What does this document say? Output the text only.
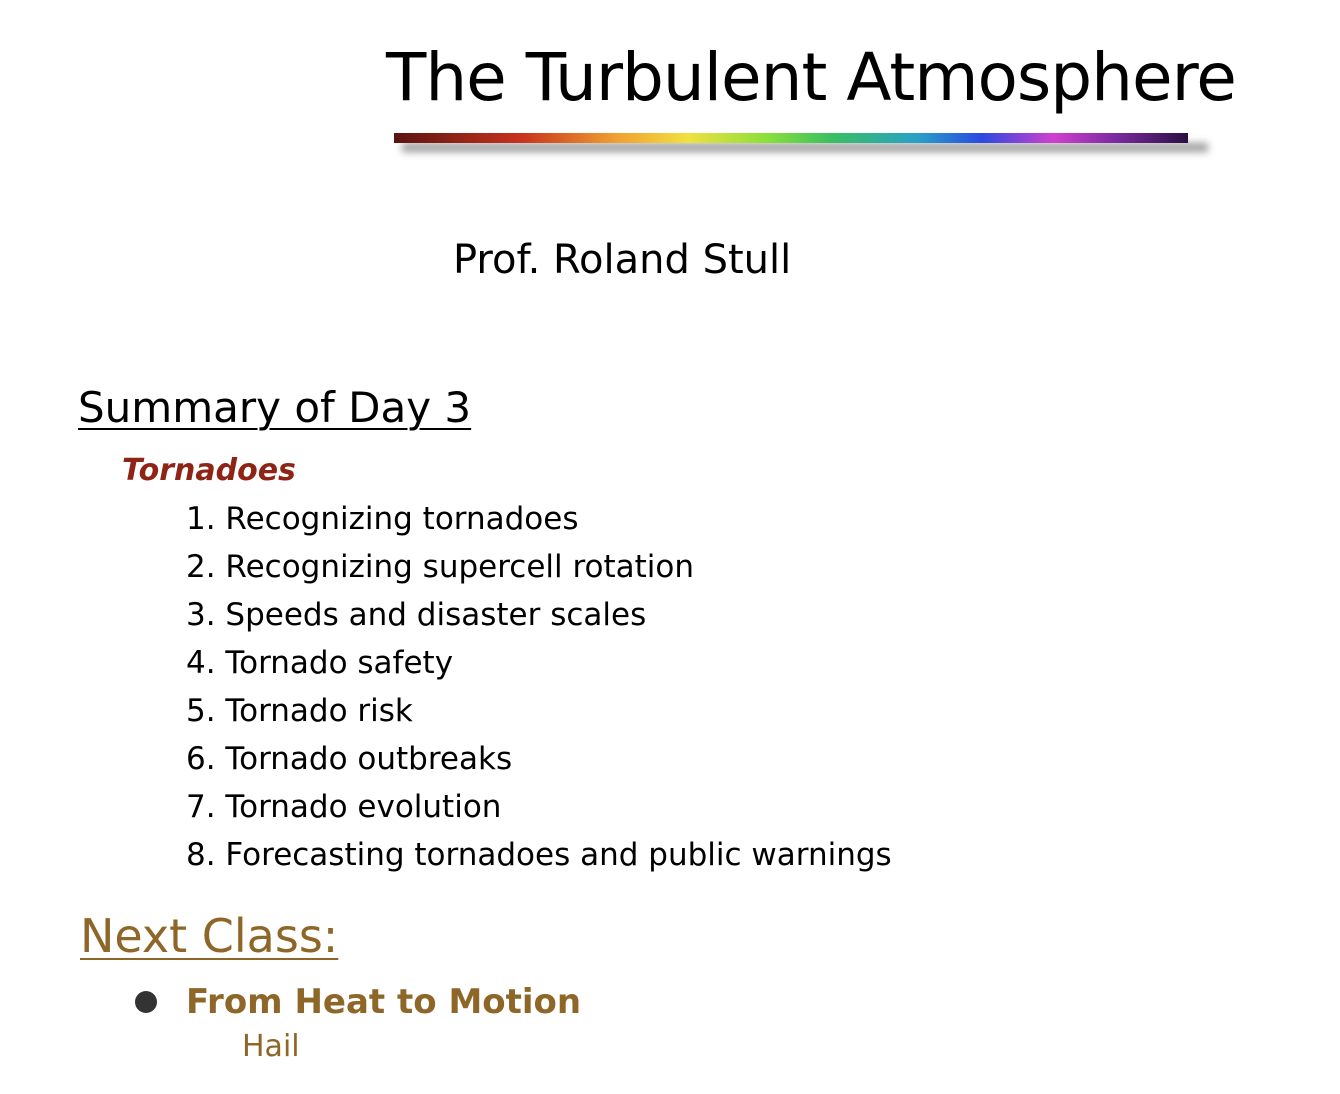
The Turbulent Atmosphere
Prof. Roland Stull
Summary of Day 3
Tornadoes
1. Recognizing tornadoes
2. Recognizing supercell rotation
3. Speeds and disaster scales
4. Tornado safety
5. Tornado risk
6. Tornado outbreaks
7. Tornado evolution
8. Forecasting tornadoes and public warnings
Next Class:
From Heat to Motion
Hail
